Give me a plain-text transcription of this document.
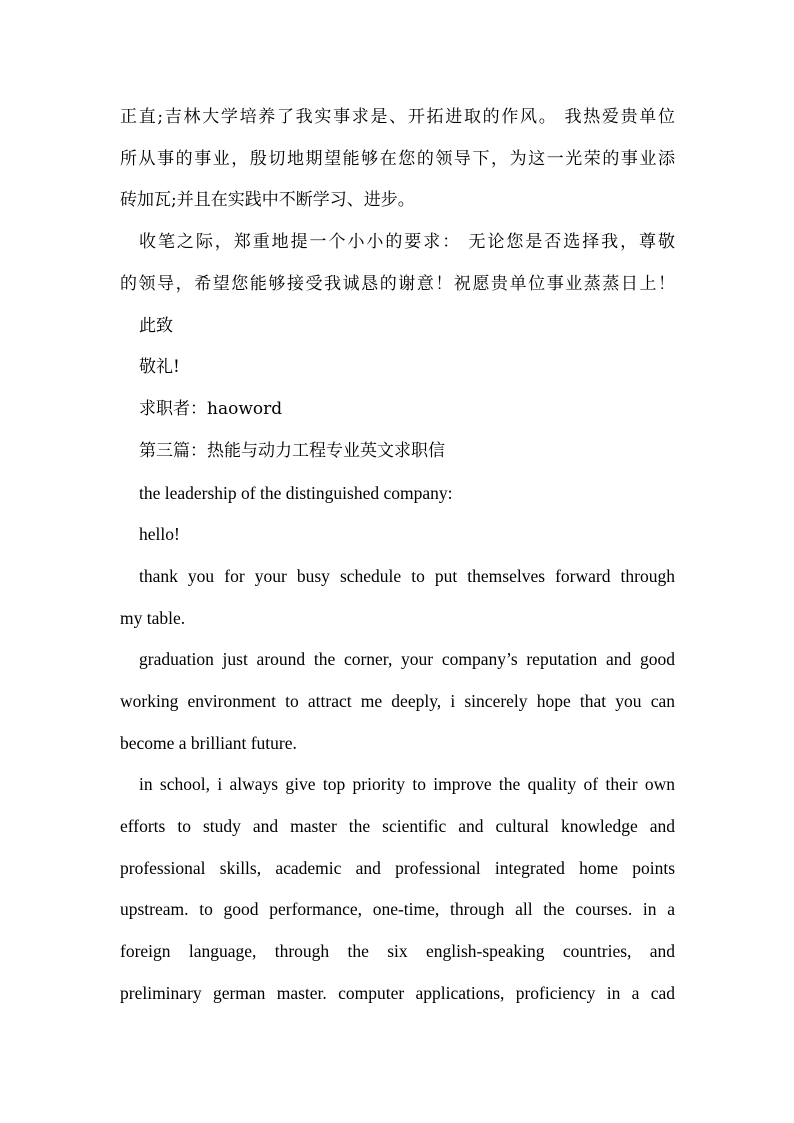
正直;吉林大学培养了我实事求是、开拓进取的作风。 我热爱贵单位
所从事的事业，殷切地期望能够在您的领导下，为这一光荣的事业添
砖加瓦;并且在实践中不断学习、进步。
收笔之际，郑重地提一个小小的要求： 无论您是否选择我，尊敬
的领导，希望您能够接受我诚恳的谢意！祝愿贵单位事业蒸蒸日上！
此致
敬礼!
求职者：haoword
第三篇：热能与动力工程专业英文求职信
the leadership of the distinguished company:
hello!
thank you for your busy schedule to put themselves forward through
my table.
graduation just around the corner, your company’s reputation and good
working environment to attract me deeply, i sincerely hope that you can
become a brilliant future.
in school, i always give top priority to improve the quality of their own
efforts to study and master the scientific and cultural knowledge and
professional skills, academic and professional integrated home points
upstream. to good performance, one-time, through all the courses. in a
foreign language, through the six english-speaking countries, and
preliminary german master. computer applications, proficiency in a cad
